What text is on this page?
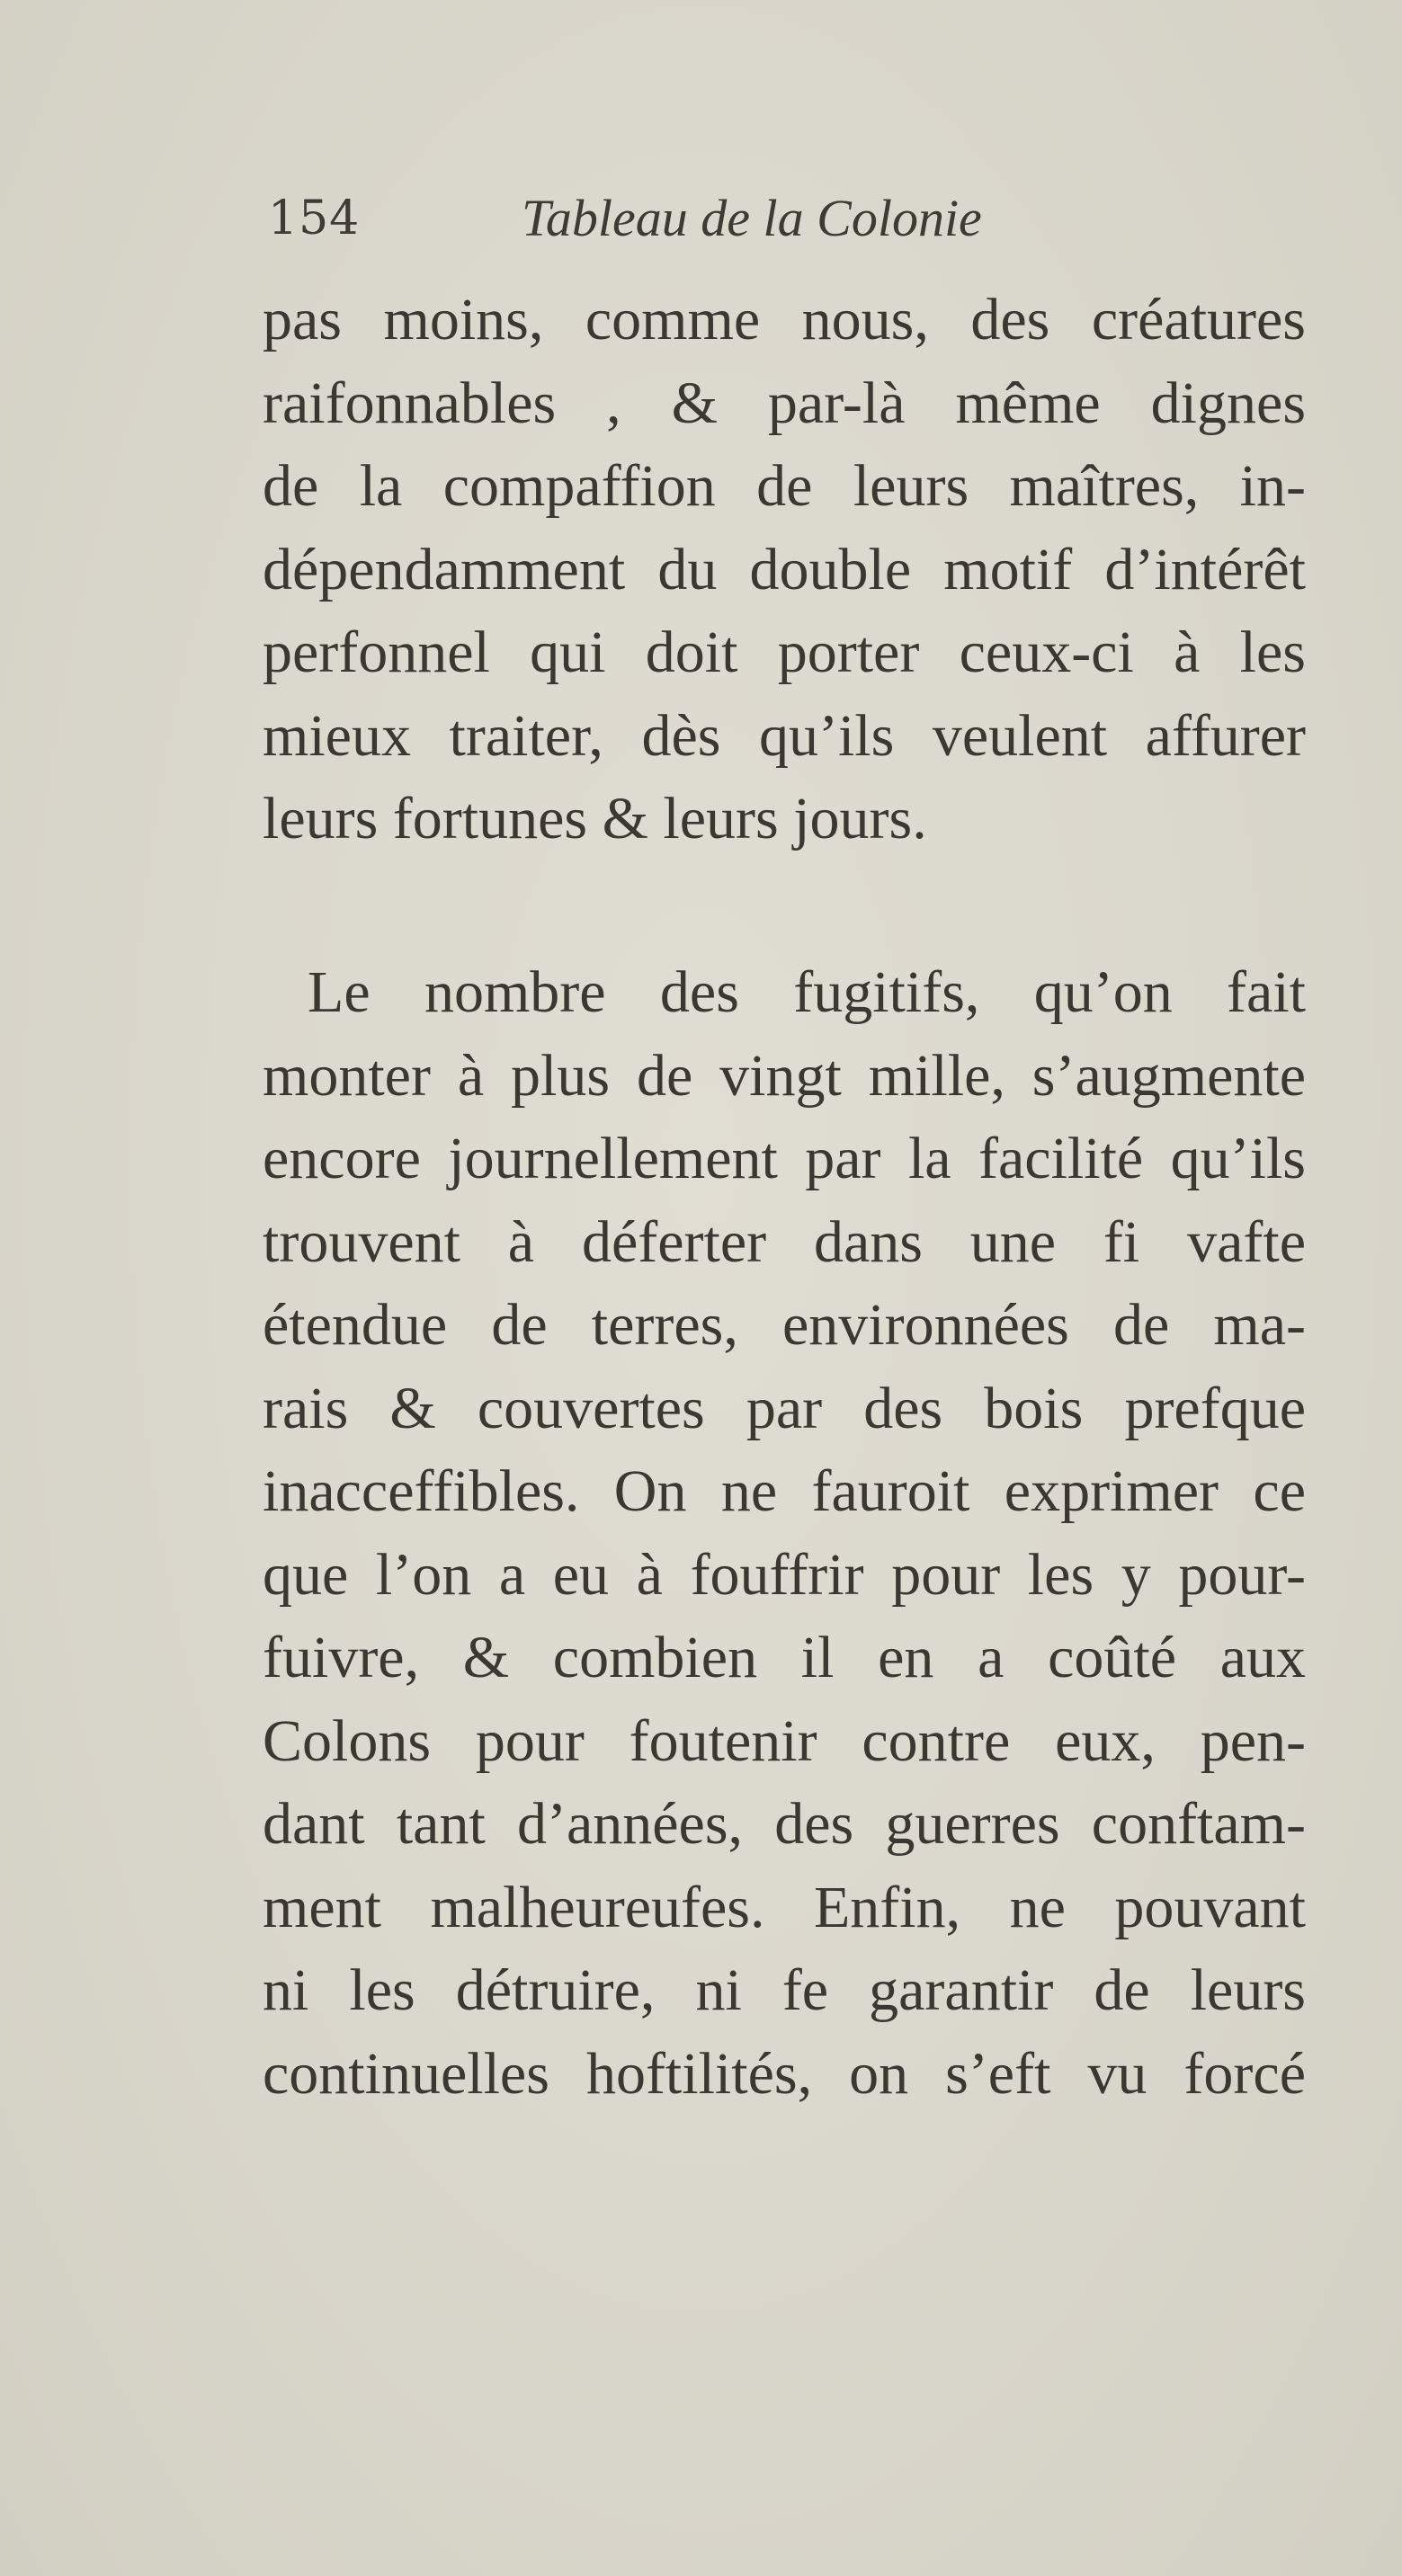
154	Tableau de la Colonie
pas moins, comme nous, des créatures
raifonnables , & par-là même dignes
de la compaffion de leurs maîtres, in-
dépendamment du double motif d’intérêt
perfonnel qui doit porter ceux-ci à les
mieux traiter, dès qu’ils veulent affurer
leurs fortunes & leurs jours.
Le nombre des fugitifs, qu’on fait
monter à plus de vingt mille, s’augmente
encore journellement par la facilité qu’ils
trouvent à déferter dans une fi vafte
étendue de terres, environnées de ma-
rais & couvertes par des bois prefque
inacceffibles. On ne fauroit exprimer ce
que l’on a eu à fouffrir pour les y pour-
fuivre, & combien il en a coûté aux
Colons pour foutenir contre eux, pen-
dant tant d’années, des guerres conftam-
ment malheureufes. Enfin, ne pouvant
ni les détruire, ni fe garantir de leurs
continuelles hoftilités, on s’eft vu forcé
